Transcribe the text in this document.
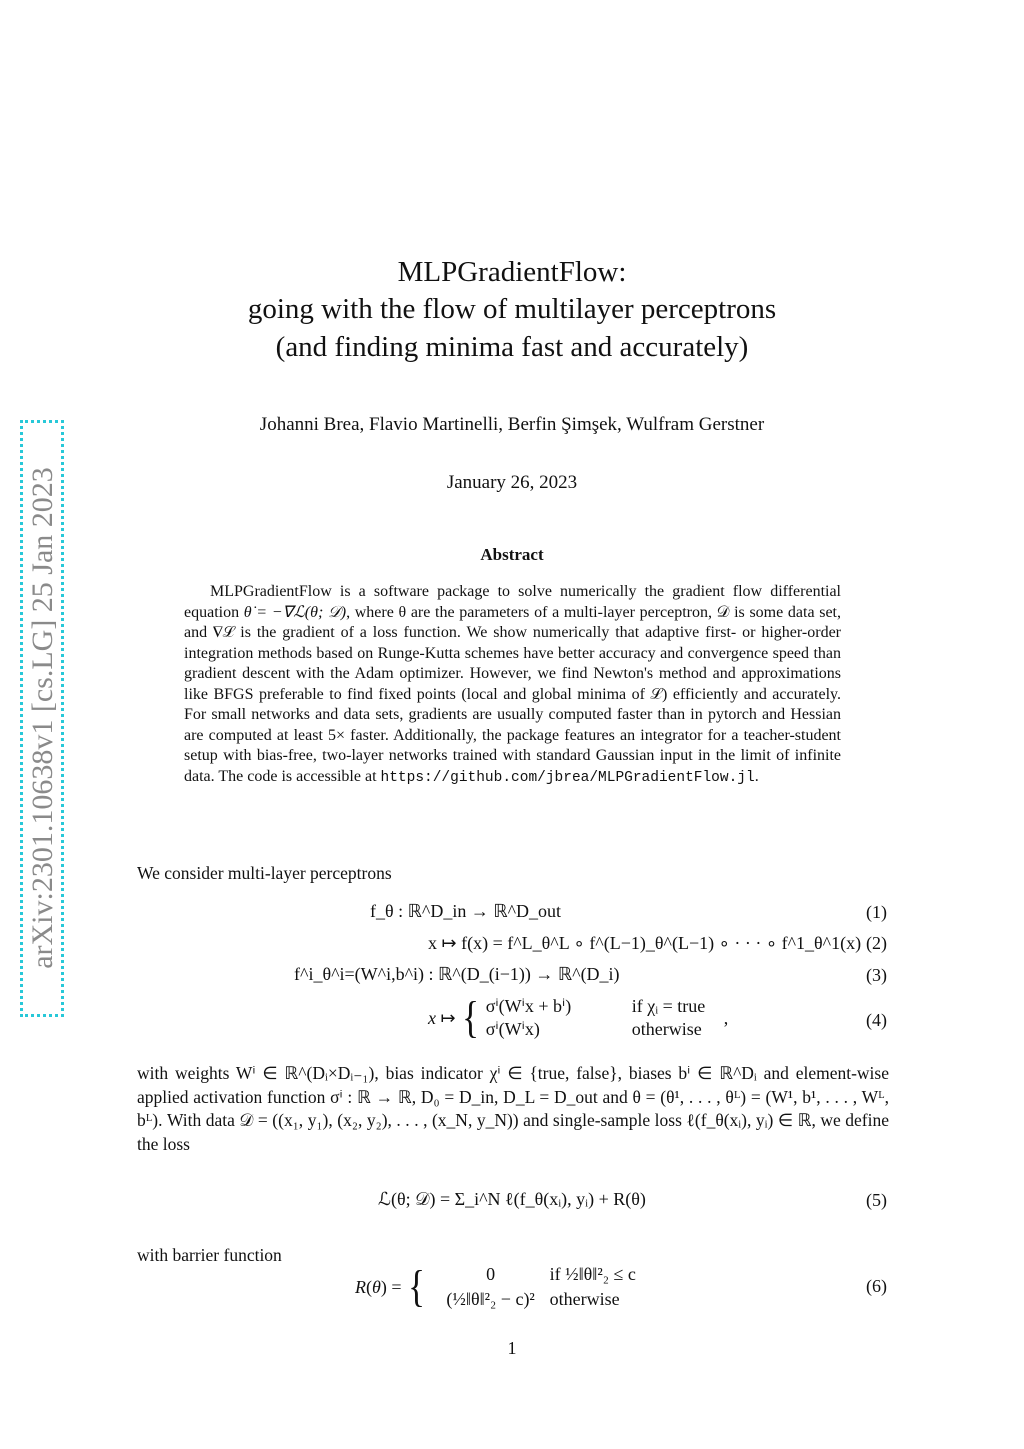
arXiv:2301.10638v1 [cs.LG] 25 Jan 2023
MLPGradientFlow:
going with the flow of multilayer perceptrons
(and finding minima fast and accurately)
Johanni Brea, Flavio Martinelli, Berfin Şimşek, Wulfram Gerstner
January 26, 2023
Abstract

MLPGradientFlow is a software package to solve numerically the gradient flow differential equation θ̇ = −∇ℒ(θ; 𝒟), where θ are the parameters of a multi-layer perceptron, 𝒟 is some data set, and ∇ℒ is the gradient of a loss function. We show numerically that adaptive first- or higher-order integration methods based on Runge-Kutta schemes have better accuracy and convergence speed than gradient descent with the Adam optimizer. However, we find Newton's method and approximations like BFGS preferable to find fixed points (local and global minima of ℒ) efficiently and accurately. For small networks and data sets, gradients are usually computed faster than in pytorch and Hessian are computed at least 5× faster. Additionally, the package features an integrator for a teacher-student setup with bias-free, two-layer networks trained with standard Gaussian input in the limit of infinite data. The code is accessible at https://github.com/jbrea/MLPGradientFlow.jl.

We consider multi-layer perceptrons

f_θ : ℝ^D_in → ℝ^D_out	(1)
x ↦ f(x) = f^L_θ^L ∘ f^(L−1)_θ^(L−1) ∘ · · · ∘ f^1_θ^1(x) (2)
f^i_θ^i=(W^i,b^i) : ℝ^(D_(i−1)) → ℝ^(D_i)	(3)
x ↦ { σⁱ(Wⁱx + bⁱ)	if χᵢ = true
σⁱ(Wⁱx)	otherwise ,	(4)

with weights Wⁱ ∈ ℝ^(Dᵢ×Dᵢ₋₁), bias indicator χⁱ ∈ {true, false}, biases bⁱ ∈ ℝ^Dᵢ and element-wise applied activation function σⁱ : ℝ → ℝ, D₀ = D_in, D_L = D_out and θ = (θ¹, . . . , θᴸ) = (W¹, b¹, . . . , Wᴸ, bᴸ). With data 𝒟 = ((x₁, y₁), (x₂, y₂), . . . , (x_N, y_N)) and single-sample loss ℓ(f_θ(xᵢ), yᵢ) ∈ ℝ, we define the loss

ℒ(θ; 𝒟) = Σ_i^N ℓ(f_θ(xᵢ), yᵢ) + R(θ)	(5)

with barrier function

R(θ) = {	0	if ½‖θ‖²₂ ≤ c
(½‖θ‖²₂ − c)² otherwise
(6)
1
